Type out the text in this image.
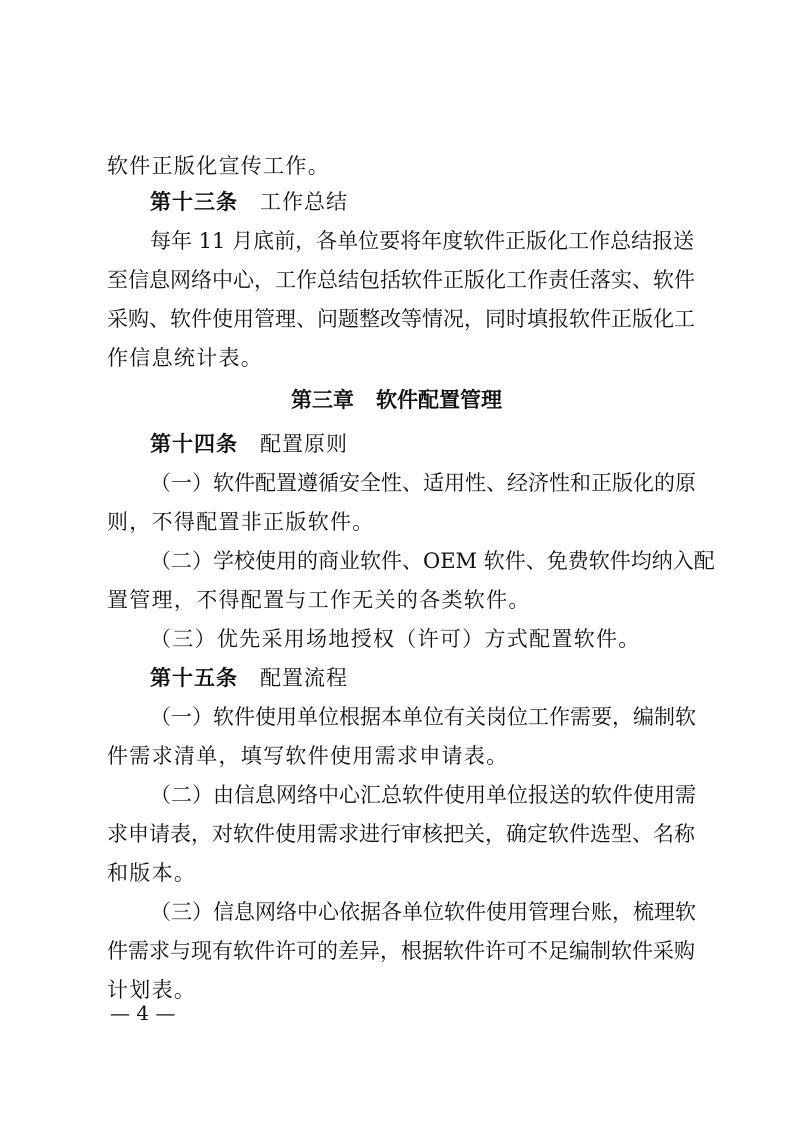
软件正版化宣传工作。
第十三条 工作总结
每年 11 月底前，各单位要将年度软件正版化工作总结报送
至信息网络中心，工作总结包括软件正版化工作责任落实、软件
采购、软件使用管理、问题整改等情况，同时填报软件正版化工
作信息统计表。
第三章 软件配置管理
第十四条 配置原则
（一）软件配置遵循安全性、适用性、经济性和正版化的原
则，不得配置非正版软件。
（二）学校使用的商业软件、OEM 软件、免费软件均纳入配
置管理，不得配置与工作无关的各类软件。
（三）优先采用场地授权（许可）方式配置软件。
第十五条 配置流程
（一）软件使用单位根据本单位有关岗位工作需要，编制软
件需求清单，填写软件使用需求申请表。
（二）由信息网络中心汇总软件使用单位报送的软件使用需
求申请表，对软件使用需求进行审核把关，确定软件选型、名称
和版本。
（三）信息网络中心依据各单位软件使用管理台账，梳理软
件需求与现有软件许可的差异，根据软件许可不足编制软件采购
计划表。
— 4 —
